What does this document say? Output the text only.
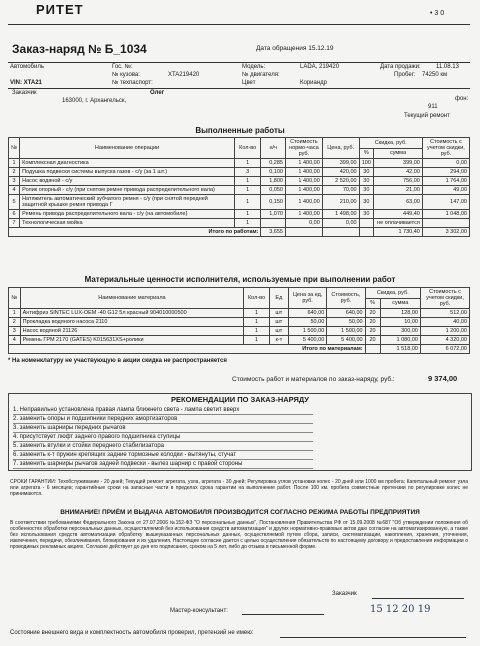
РИТЕТ	• 3 0
Заказ-наряд № Б_1034	Дата обращения 15.12.19
Автомобиль	Гос. №:	Модель:	LADA, 219420	Дата продажи:	11.08.13
№ кузова:	XTA219420	№ двигателя:	Пробег: 74250 км
VIN: XTA21	№ техпаспорт:	Цвет	Кориандр
Заказчик	Олег
фон:
163000, г. Архангельск,
911
Текущий ремонт
Выполненные работы
№	Наименование операции	Кол-во	н/ч	Стоимость нормо-часа руб.	Цена, руб.	Скидка, руб.		Стоимость с учетом скидки, руб.
						%	сумма	
1	Комплексная диагностика	1	0,285	1 400,00	399,00	100	399,00	0,00
2	Подушка подвески системы выпуска газов - с/у (за 1 шт.)	3	0,100	1 400,00	420,00	30	42,00	294,00
3	Насос водяной - с/у	1	1,800	1 400,00	2 520,00	30	756,00	1 764,00
4	Ролик опорный - с/у (при снятом ремне привода распределительного вала)	1	0,050	1 400,00	70,00	30	21,00	49,00
5	Натяжитель автоматический зубчатого ремня - с/у (при снятой передней защитной крышке ремня привода Г	1	0,150	1 400,00	210,00	30	63,00	147,00
6	Ремень привода распределительного вала - с/у (на автомобиле)	1	1,070	1 400,00	1 498,00	30	449,40	1 048,00
7	Технологическая мойка	1		0,00	0,00		не оплачивается	
Итого по работам:			3,655				1 730,40	3 302,00
Материальные ценности исполнителя, используемые при выполнении работ
№	Наименование материала	Кол-во	Ед	Цена за ед, руб.	Стоимость, руб.	Скидка, руб.		Стоимость с учетом скидки, руб.
						%	сумма	
1	Антифриз SINTEC LUX-OEM -40 G12 5л красный 904010000500	1	шт	640,00	640,00	20	128,00	512,00
2	Прокладка водяного насоса 2110	1	шт	50,00	50,00	20	10,00	40,00
3	Насос водяной 21126	1	шт	1 500,00	1 500,00	20	300,00	1 200,00
4	Ремень ГРМ 2170 (GATES) K015631XS+ролики	1	к-т	5 400,00	5 400,00	20	1 080,00	4 320,00
Итого по материалам:							1 518,00	6 072,00
* На номенклатуру не участвующую в акции скидка не распространяется
Стоимость работ и материалов по заказ-наряду, руб.:	9 374,00
РЕКОМЕНДАЦИИ ПО ЗАКАЗ-НАРЯДУ
1. Неправильно установлена правая лампа ближнего света - лампа светит вверх
2. заменить опоры и подшипники передних амортизаторов
3. заменить шарниры передних рычагов
4. присутствует люфт заднего правого подшипника ступицы
5. заменить втулки и стойки переднего стабилизатора
6. заменить к-т пружин крепящих задние тормозные колодки - вытянуты, стучат
7. заменить шарниры рычагов задней подвески - вылез шарнир с правой стороны
СРОКИ ГАРАНТИИ: Техобслуживание - 20 дней; Текущий ремонт агрегата, узла, агрегата - 30 дней; Регулировка углов установки колес - 20 дней или 1000 км пробега; Капитальный ремонт узла или агрегата - 6 месяцев; гарантийные сроки на запасные части в пределах срока гарантии на выполнение работ. После 100 км. пробега совместные претензии по регулировке колес не принимаются.
ВНИМАНИЕ! ПРИЁМ И ВЫДАЧА АВТОМОБИЛЯ ПРОИЗВОДИТСЯ СОГЛАСНО РЕЖИМА РАБОТЫ ПРЕДПРИЯТИЯ
В соответствии требованиями Федерального Закона от 27.07.2006 №152-ФЗ "О персональных данных", Постановления Правительства РФ от 15.09.2008 №687 "Об утверждении положения об особенностях обработки персональных данных, осуществляемой без использования средств автоматизации" и других нормативно-правовых актов даю согласие на автоматизированную, а также без использования средств автоматизации обработку вышеуказанных персональных данных, осуществляемой путем сбора, записи, систематизации, накопления, хранения, уточнения, извлечения, передачи, обезличивания, блокирования и их удаления. Настоящее согласие дается с целью осуществления обязательств по настоящему договору и предоставления информации о проводимых рекламных акциях. Согласие действует до дня его подписания, сроком на 5 лет, либо до отзыва в письменной форме.
Заказчик
15 12 20 19
Мастер-консультант:
Состояние внешнего вида и комплектность автомобиля проверил, претензий не имею:
